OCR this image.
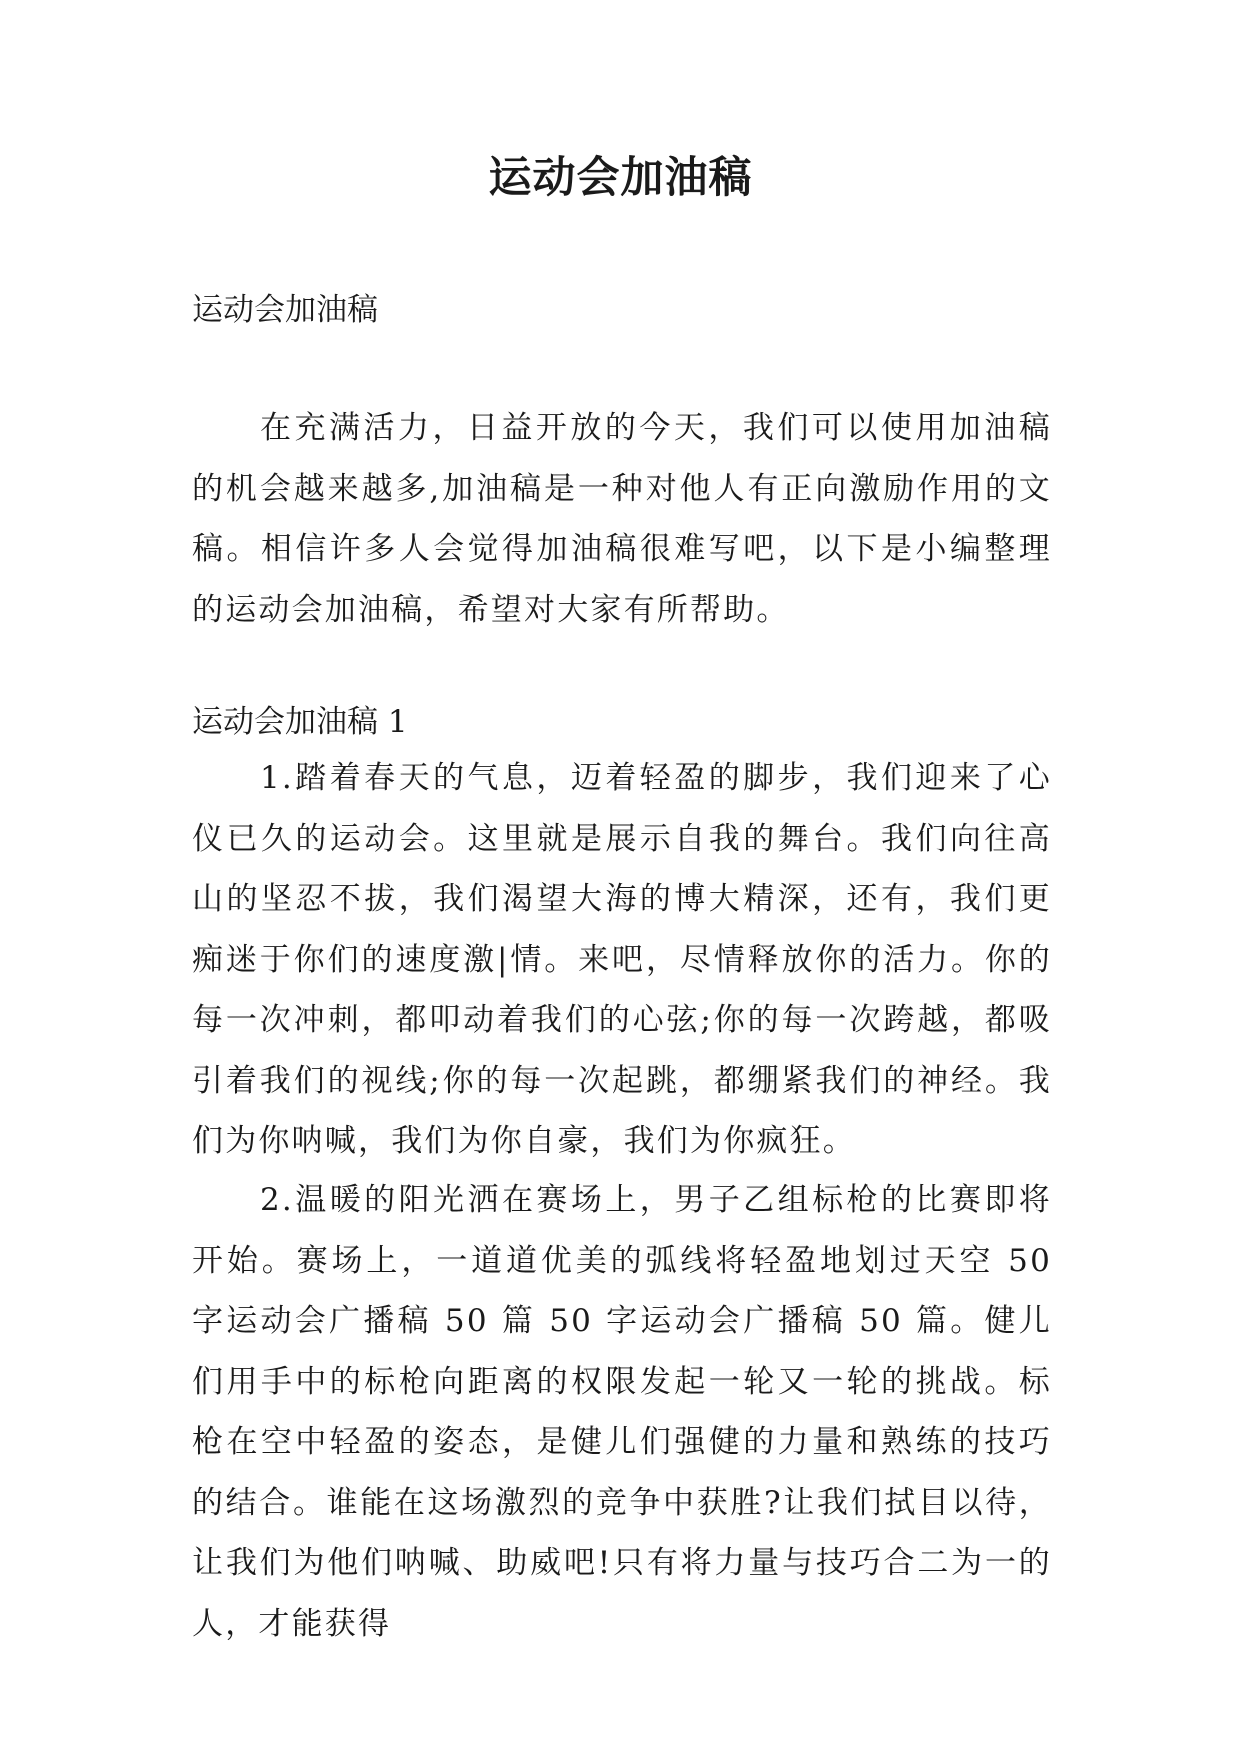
运动会加油稿
运动会加油稿

在充满活力，日益开放的今天，我们可以使用加油稿的机会越来越多,加油稿是一种对他人有正向激励作用的文稿。相信许多人会觉得加油稿很难写吧，以下是小编整理的运动会加油稿，希望对大家有所帮助。

运动会加油稿 1

1.踏着春天的气息，迈着轻盈的脚步，我们迎来了心仪已久的运动会。这里就是展示自我的舞台。我们向往高山的坚忍不拔，我们渴望大海的博大精深，还有，我们更痴迷于你们的速度激|情。来吧，尽情释放你的活力。你的每一次冲刺，都叩动着我们的心弦;你的每一次跨越，都吸引着我们的视线;你的每一次起跳，都绷紧我们的神经。我们为你呐喊，我们为你自豪，我们为你疯狂。

2.温暖的阳光洒在赛场上，男子乙组标枪的比赛即将开始。赛场上，一道道优美的弧线将轻盈地划过天空 50 字运动会广播稿 50 篇 50 字运动会广播稿 50 篇。健儿们用手中的标枪向距离的权限发起一轮又一轮的挑战。标枪在空中轻盈的姿态，是健儿们强健的力量和熟练的技巧的结合。谁能在这场激烈的竞争中获胜?让我们拭目以待，让我们为他们呐喊、助威吧!只有将力量与技巧合二为一的人，才能获得
